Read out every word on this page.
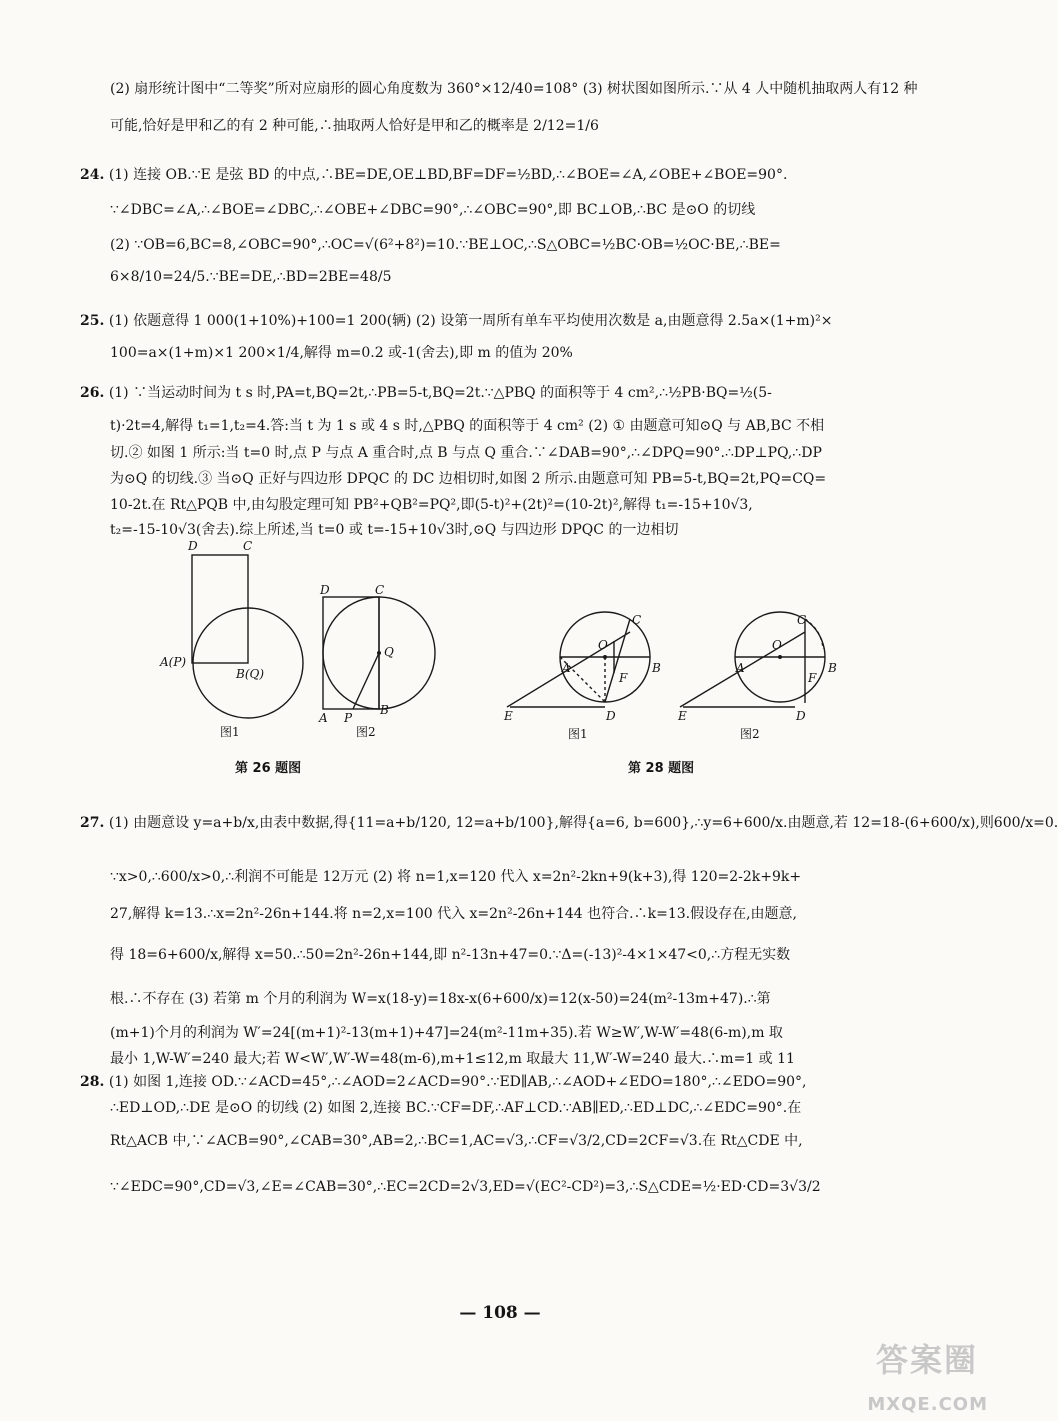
(2) 扇形统计图中“二等奖”所对应扇形的圆心角度数为 360°×12/40=108° (3) 树状图如图所示.∵从 4 人中随机抽取两人有12 种
可能,恰好是甲和乙的有 2 种可能,∴抽取两人恰好是甲和乙的概率是 2/12=1/6
24. (1) 连接 OB.∵E 是弦 BD 的中点,∴BE=DE,OE⊥BD,BF=DF=½BD,∴∠BOE=∠A,∠OBE+∠BOE=90°.
∵∠DBC=∠A,∴∠BOE=∠DBC,∴∠OBE+∠DBC=90°,∴∠OBC=90°,即 BC⊥OB,∴BC 是⊙O 的切线
(2) ∵OB=6,BC=8,∠OBC=90°,∴OC=√(6²+8²)=10.∵BE⊥OC,∴S△OBC=½BC·OB=½OC·BE,∴BE=
6×8/10=24/5.∵BE=DE,∴BD=2BE=48/5
25. (1) 依题意得 1 000(1+10%)+100=1 200(辆) (2) 设第一周所有单车平均使用次数是 a,由题意得 2.5a×(1+m)²×
100=a×(1+m)×1 200×1/4,解得 m=0.2 或-1(舍去),即 m 的值为 20%
26. (1) ∵当运动时间为 t s 时,PA=t,BQ=2t,∴PB=5-t,BQ=2t.∵△PBQ 的面积等于 4 cm²,∴½PB·BQ=½(5-
t)·2t=4,解得 t₁=1,t₂=4.答:当 t 为 1 s 或 4 s 时,△PBQ 的面积等于 4 cm² (2) ① 由题意可知⊙Q 与 AB,BC 不相
切.② 如图 1 所示:当 t=0 时,点 P 与点 A 重合时,点 B 与点 Q 重合.∵∠DAB=90°,∴∠DPQ=90°.∴DP⊥PQ,∴DP
为⊙Q 的切线.③ 当⊙Q 正好与四边形 DPQC 的 DC 边相切时,如图 2 所示.由题意可知 PB=5-t,BQ=2t,PQ=CQ=
10-2t.在 Rt△PQB 中,由勾股定理可知 PB²+QB²=PQ²,即(5-t)²+(2t)²=(10-2t)²,解得 t₁=-15+10√3,
t₂=-15-10√3(舍去).综上所述,当 t=0 或 t=-15+10√3时,⊙Q 与四边形 DPQC 的一边相切
D	C
A(P)
B(Q)
图1
D	C
Q
A P
B
图2
C
A
O
F
B
E	D
图1
C
A
O
F
B
E	D
图2
第 26 题图	第 28 题图
27. (1) 由题意设 y=a+b/x,由表中数据,得{11=a+b/120, 12=a+b/100},解得{a=6, b=600},∴y=6+600/x.由题意,若 12=18-(6+600/x),则600/x=0.
∵x>0,∴600/x>0,∴利润不可能是 12万元 (2) 将 n=1,x=120 代入 x=2n²-2kn+9(k+3),得 120=2-2k+9k+
27,解得 k=13.∴x=2n²-26n+144.将 n=2,x=100 代入 x=2n²-26n+144 也符合.∴k=13.假设存在,由题意,
得 18=6+600/x,解得 x=50.∴50=2n²-26n+144,即 n²-13n+47=0.∵Δ=(-13)²-4×1×47<0,∴方程无实数
根.∴不存在 (3) 若第 m 个月的利润为 W=x(18-y)=18x-x(6+600/x)=12(x-50)=24(m²-13m+47).∴第
(m+1)个月的利润为 W′=24[(m+1)²-13(m+1)+47]=24(m²-11m+35).若 W≥W′,W-W′=48(6-m),m 取
最小 1,W-W′=240 最大;若 W<W′,W′-W=48(m-6),m+1≤12,m 取最大 11,W′-W=240 最大.∴m=1 或 11
28. (1) 如图 1,连接 OD.∵∠ACD=45°,∴∠AOD=2∠ACD=90°.∵ED∥AB,∴∠AOD+∠EDO=180°,∴∠EDO=90°,
∴ED⊥OD,∴DE 是⊙O 的切线 (2) 如图 2,连接 BC.∵CF=DF,∴AF⊥CD.∵AB∥ED,∴ED⊥DC,∴∠EDC=90°.在
Rt△ACB 中,∵∠ACB=90°,∠CAB=30°,AB=2,∴BC=1,AC=√3,∴CF=√3/2,CD=2CF=√3.在 Rt△CDE 中,
∵∠EDC=90°,CD=√3,∠E=∠CAB=30°,∴EC=2CD=2√3,ED=√(EC²-CD²)=3,∴S△CDE=½·ED·CD=3√3/2
— 108 —
答案圈
MXQE.COM
